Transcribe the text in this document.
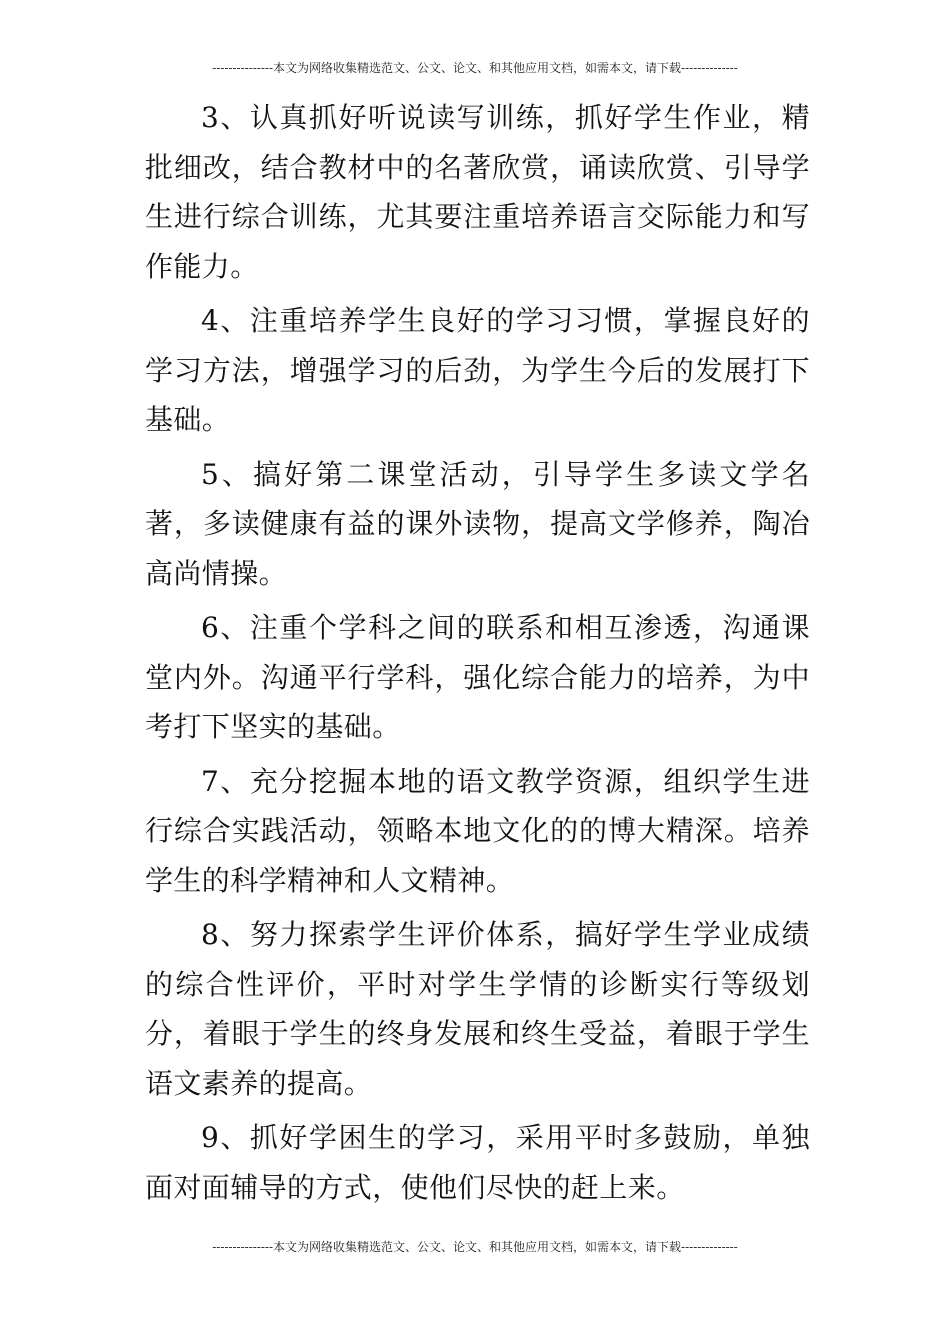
---------------本文为网络收集精选范文、公文、论文、和其他应用文档，如需本文，请下载--------------

3、认真抓好听说读写训练，抓好学生作业，精批细改，结合教材中的名著欣赏，诵读欣赏、引导学生进行综合训练，尤其要注重培养语言交际能力和写作能力。

4、注重培养学生良好的学习习惯，掌握良好的学习方法，增强学习的后劲，为学生今后的发展打下基础。

5、搞好第二课堂活动，引导学生多读文学名著，多读健康有益的课外读物，提高文学修养，陶冶高尚情操。

6、注重个学科之间的联系和相互渗透，沟通课堂内外。沟通平行学科，强化综合能力的培养，为中考打下坚实的基础。

7、充分挖掘本地的语文教学资源，组织学生进行综合实践活动，领略本地文化的的博大精深。培养学生的科学精神和人文精神。

8、努力探索学生评价体系，搞好学生学业成绩的综合性评价，平时对学生学情的诊断实行等级划分，着眼于学生的终身发展和终生受益，着眼于学生语文素养的提高。

9、抓好学困生的学习，采用平时多鼓励，单独面对面辅导的方式，使他们尽快的赶上来。

---------------本文为网络收集精选范文、公文、论文、和其他应用文档，如需本文，请下载--------------
